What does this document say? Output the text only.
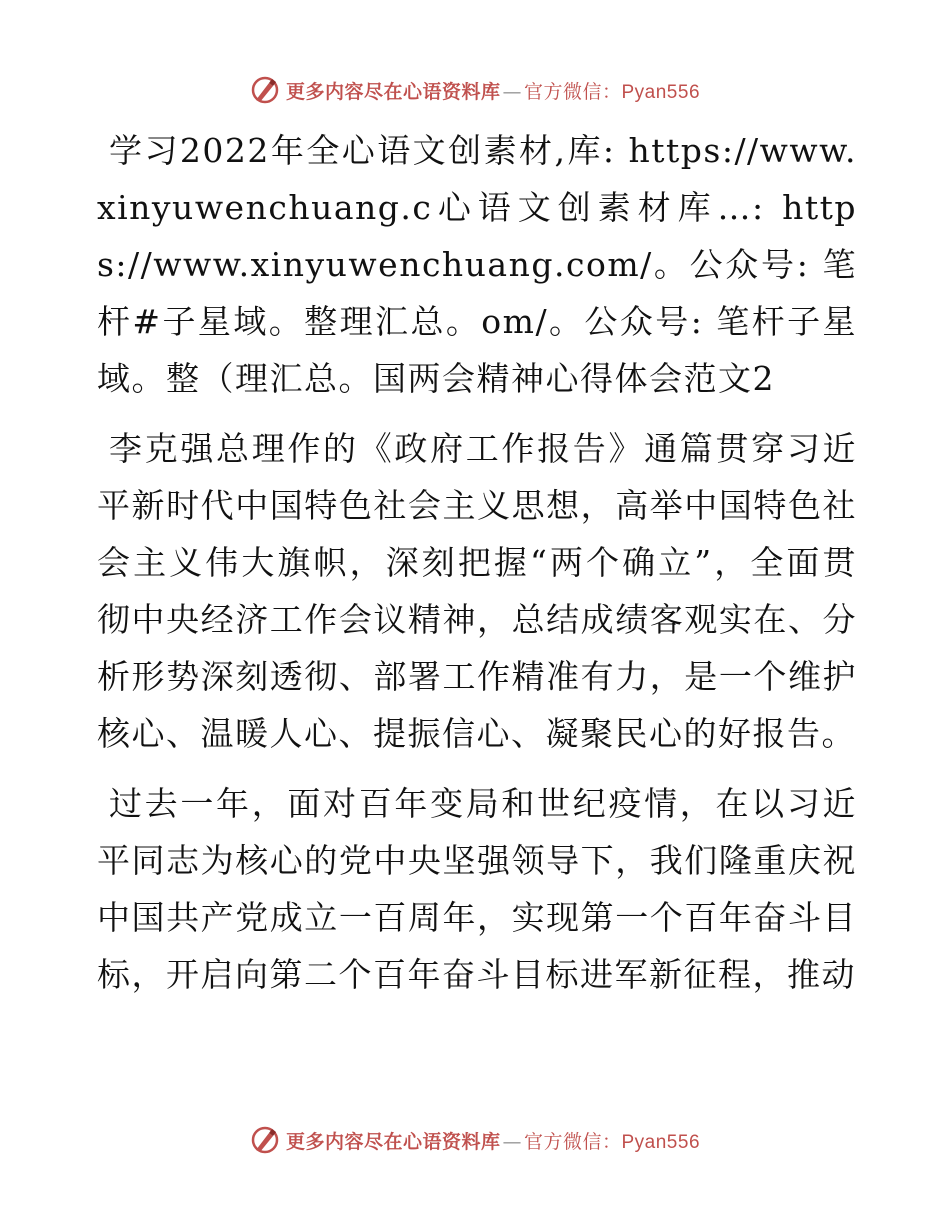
更多内容尽在心语资料库 — 官方微信：Pyan556

学习2022年全心语文创素材,库: https://www.xinyuwenchuang.c心语文创素材库…: https://www.xinyuwenchuang.com/。公众号: 笔杆#子星域。整理汇总。om/。公众号: 笔杆子星域。整（理汇总。国两会精神心得体会范文2

李克强总理作的《政府工作报告》通篇贯穿习近平新时代中国特色社会主义思想，高举中国特色社会主义伟大旗帜，深刻把握“两个确立”，全面贯彻中央经济工作会议精神，总结成绩客观实在、分析形势深刻透彻、部署工作精准有力，是一个维护核心、温暖人心、提振信心、凝聚民心的好报告。

过去一年，面对百年变局和世纪疫情，在以习近平同志为核心的党中央坚强领导下，我们隆重庆祝中国共产党成立一百周年，实现第一个百年奋斗目标，开启向第二个百年奋斗目标进军新征程，推动

更多内容尽在心语资料库 — 官方微信：Pyan556
